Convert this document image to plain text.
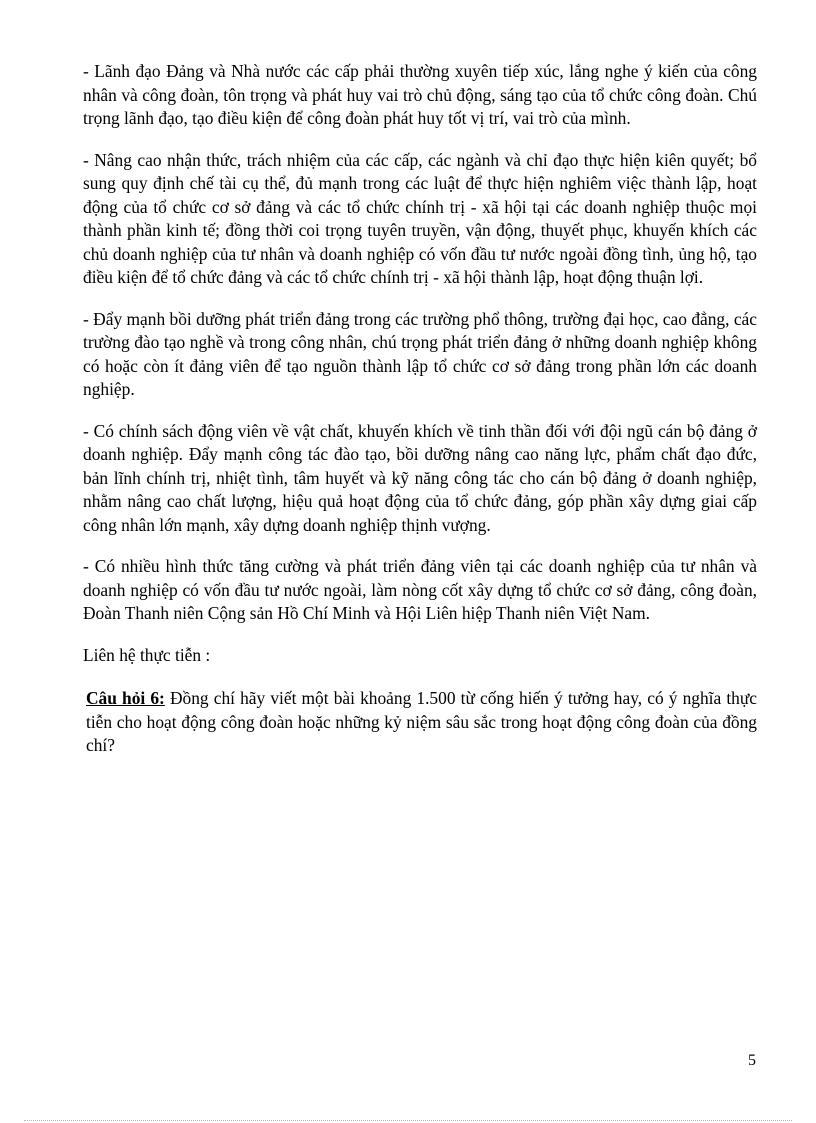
- Lãnh đạo Đảng và Nhà nước các cấp phải thường xuyên tiếp xúc, lắng nghe ý kiến của công nhân và công đoàn, tôn trọng và phát huy vai trò chủ động, sáng tạo của tổ chức công đoàn. Chú trọng lãnh đạo, tạo điều kiện để công đoàn phát huy tốt vị trí, vai trò của mình.

- Nâng cao nhận thức, trách nhiệm của các cấp, các ngành và chỉ đạo thực hiện kiên quyết; bổ sung quy định chế tài cụ thể, đủ mạnh trong các luật để thực hiện nghiêm việc thành lập, hoạt động của tổ chức cơ sở đảng và các tổ chức chính trị - xã hội tại các doanh nghiệp thuộc mọi thành phần kinh tế; đồng thời coi trọng tuyên truyền, vận động, thuyết phục, khuyến khích các chủ doanh nghiệp của tư nhân và doanh nghiệp có vốn đầu tư nước ngoài đồng tình, ủng hộ, tạo điều kiện để tổ chức đảng và các tổ chức chính trị - xã hội thành lập, hoạt động thuận lợi.

- Đẩy mạnh bồi dưỡng phát triển đảng trong các trường phổ thông, trường đại học, cao đẳng, các trường đào tạo nghề và trong công nhân, chú trọng phát triển đảng ở những doanh nghiệp không có hoặc còn ít đảng viên để tạo nguồn thành lập tổ chức cơ sở đảng trong phần lớn các doanh nghiệp.

- Có chính sách động viên về vật chất, khuyến khích về tinh thần đối với đội ngũ cán bộ đảng ở doanh nghiệp. Đẩy mạnh công tác đào tạo, bồi dưỡng nâng cao năng lực, phẩm chất đạo đức, bản lĩnh chính trị, nhiệt tình, tâm huyết và kỹ năng công tác cho cán bộ đảng ở doanh nghiệp, nhằm nâng cao chất lượng, hiệu quả hoạt động của tổ chức đảng, góp phần xây dựng giai cấp công nhân lớn mạnh, xây dựng doanh nghiệp thịnh vượng.

- Có nhiều hình thức tăng cường và phát triển đảng viên tại các doanh nghiệp của tư nhân và doanh nghiệp có vốn đầu tư nước ngoài, làm nòng cốt xây dựng tổ chức cơ sở đảng, công đoàn, Đoàn Thanh niên Cộng sản Hồ Chí Minh và Hội Liên hiệp Thanh niên Việt Nam.

Liên hệ thực tiễn :

Câu hỏi 6: Đồng chí hãy viết một bài khoảng 1.500 từ cống hiến ý tưởng hay, có ý nghĩa thực tiễn cho hoạt động công đoàn hoặc những kỷ niệm sâu sắc trong hoạt động công đoàn của đồng chí?

5
